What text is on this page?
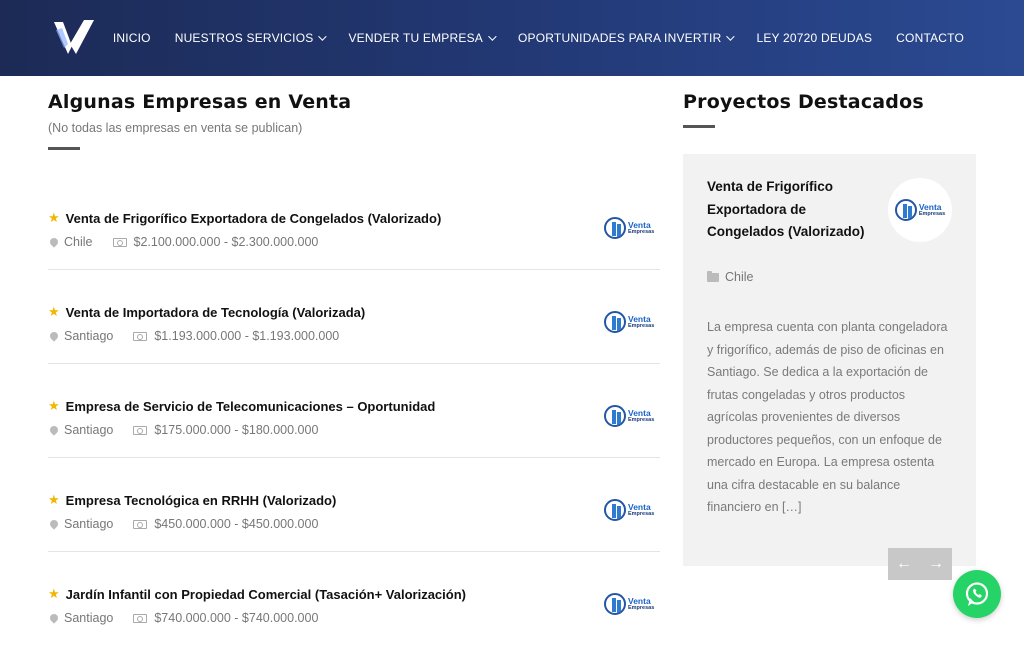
INICIO NUESTROS SERVICIOS	VENDER TU EMPRESA	OPORTUNIDADES PARA INVERTIR	LEY 20720 DEUDAS CONTACTO
Algunas Empresas en Venta
(No todas las empresas en venta se publican)
★ Venta de Frigorífico Exportadora de Congelados (Valorizado)
Chile	$2.100.000.000 - $2.300.000.000
Venta
Empresas
★ Venta de Importadora de Tecnología (Valorizada)
Santiago	$1.193.000.000 - $1.193.000.000
Venta
Empresas
★ Empresa de Servicio de Telecomunicaciones – Oportunidad
Santiago	$175.000.000 - $180.000.000
Venta
Empresas
★ Empresa Tecnológica en RRHH (Valorizado)
Santiago	$450.000.000 - $450.000.000
Venta
Empresas
★ Jardín Infantil con Propiedad Comercial (Tasación+ Valorización)
Santiago	$740.000.000 - $740.000.000
Venta
Empresas
Proyectos Destacados
Venta de Frigorífico Exportadora de Congelados (Valorizado)
Chile
Venta
Empresas
La empresa cuenta con planta congeladora y frigorífico, además de piso de oficinas en Santiago. Se dedica a la exportación de frutas congeladas y otros productos agrícolas provenientes de diversos productores pequeños, con un enfoque de mercado en Europa. La empresa ostenta una cifra destacable en su balance financiero en […]
←	→
